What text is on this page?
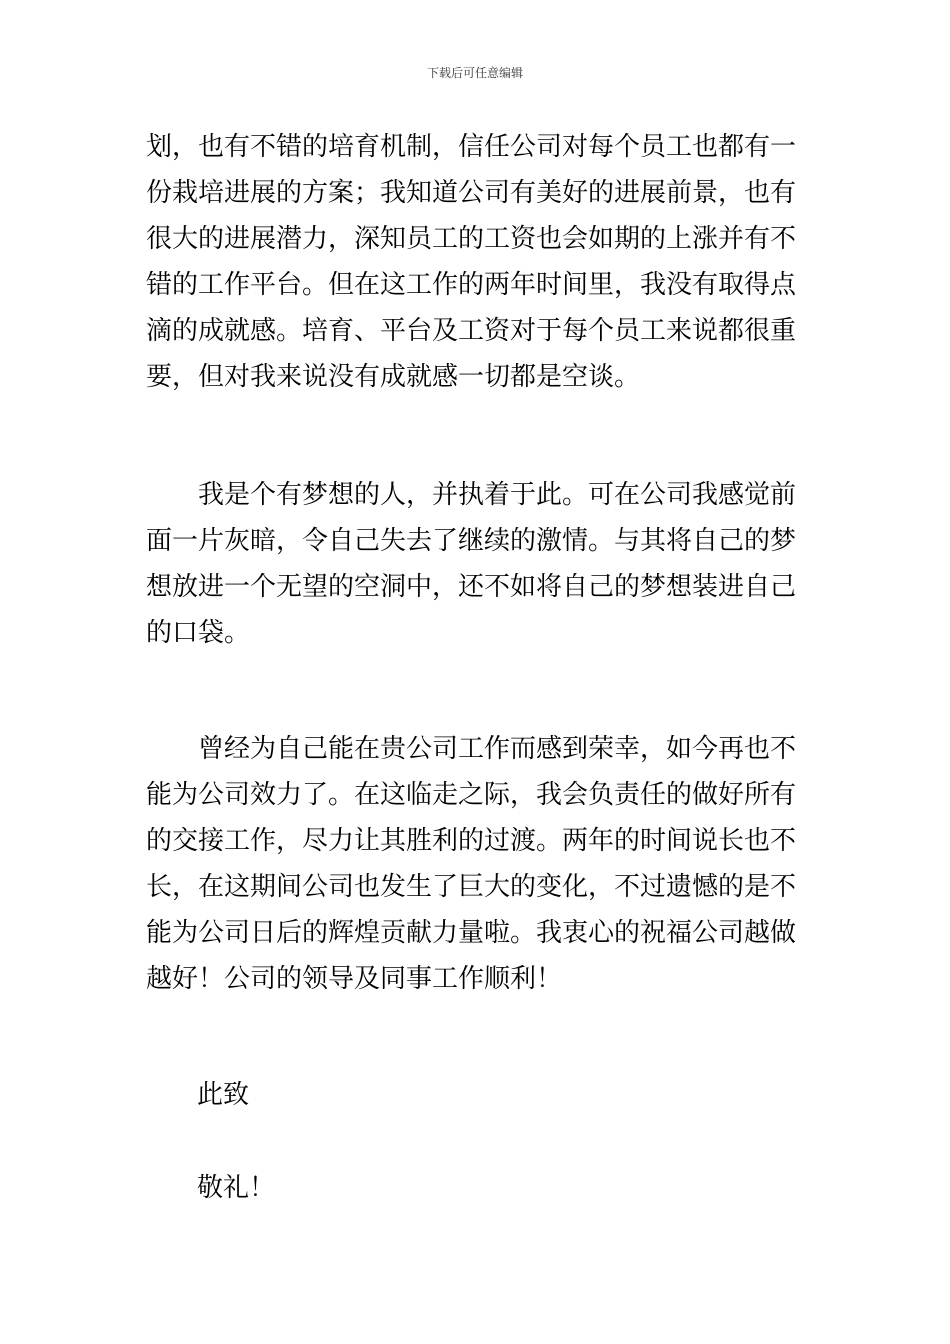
下载后可任意编辑
划，也有不错的培育机制，信任公司对每个员工也都有一
份栽培进展的方案；我知道公司有美好的进展前景，也有
很大的进展潜力，深知员工的工资也会如期的上涨并有不
错的工作平台。但在这工作的两年时间里，我没有取得点
滴的成就感。培育、平台及工资对于每个员工来说都很重
要，但对我来说没有成就感一切都是空谈。
　　我是个有梦想的人，并执着于此。可在公司我感觉前
面一片灰暗，令自己失去了继续的激情。与其将自己的梦
想放进一个无望的空洞中，还不如将自己的梦想装进自己
的口袋。
　　曾经为自己能在贵公司工作而感到荣幸，如今再也不
能为公司效力了。在这临走之际，我会负责任的做好所有
的交接工作，尽力让其胜利的过渡。两年的时间说长也不
长，在这期间公司也发生了巨大的变化，不过遗憾的是不
能为公司日后的辉煌贡献力量啦。我衷心的祝福公司越做
越好！公司的领导及同事工作顺利！
此致
敬礼！
